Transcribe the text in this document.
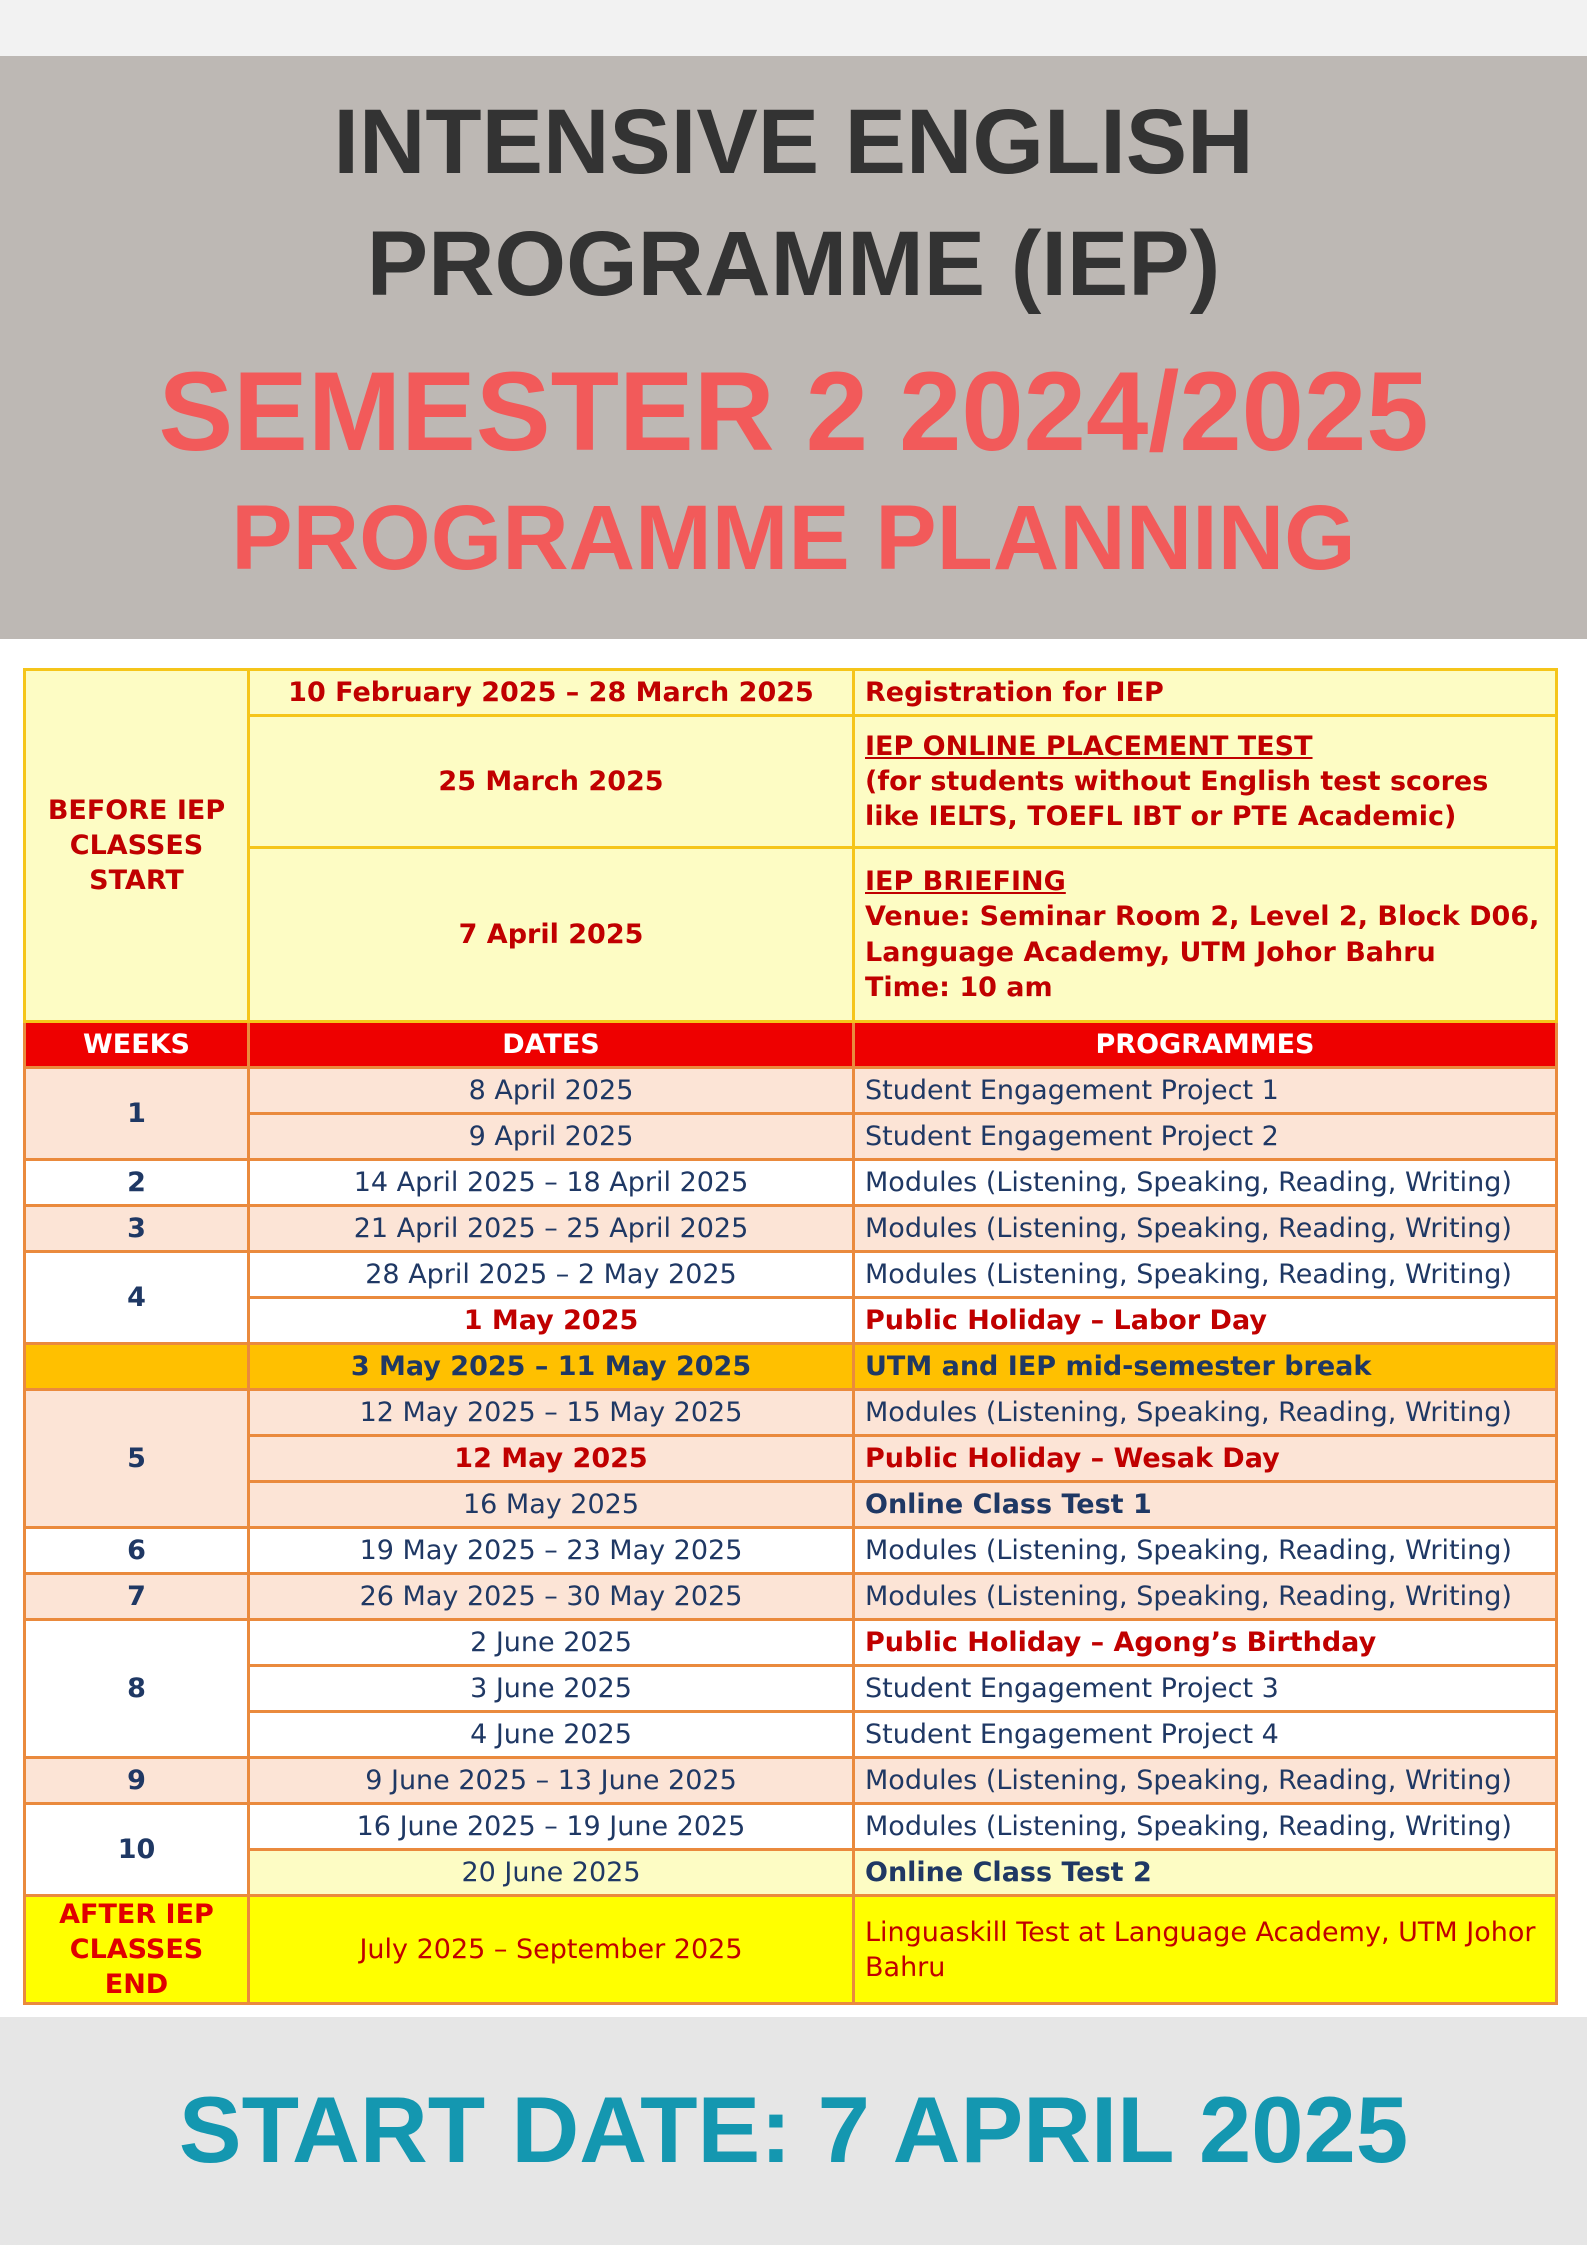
INTENSIVE ENGLISH
PROGRAMME (IEP)
SEMESTER 2 2024/2025
PROGRAMME PLANNING
BEFORE IEP CLASSES START	10 February 2025 – 28 March 2025	Registration for IEP
	25 March 2025	IEP ONLINE PLACEMENT TEST
(for students without English test scores like IELTS, TOEFL IBT or PTE Academic)

	7 April 2025	IEP BRIEFING
Venue: Seminar Room 2, Level 2, Block D06, Language Academy, UTM Johor Bahru
Time: 10 am

WEEKS	DATES	PROGRAMMES
1	8 April 2025	Student Engagement Project 1
	9 April 2025	Student Engagement Project 2
2	14 April 2025 – 18 April 2025	Modules (Listening, Speaking, Reading, Writing)
3	21 April 2025 – 25 April 2025	Modules (Listening, Speaking, Reading, Writing)
4	28 April 2025 – 2 May 2025	Modules (Listening, Speaking, Reading, Writing)
	1 May 2025	Public Holiday – Labor Day
	3 May 2025 – 11 May 2025	UTM and IEP mid-semester break
5	12 May 2025 – 15 May 2025	Modules (Listening, Speaking, Reading, Writing)
	12 May 2025	Public Holiday – Wesak Day
	16 May 2025	Online Class Test 1
6	19 May 2025 – 23 May 2025	Modules (Listening, Speaking, Reading, Writing)
7	26 May 2025 – 30 May 2025	Modules (Listening, Speaking, Reading, Writing)
8	2 June 2025	Public Holiday – Agong’s Birthday
	3 June 2025	Student Engagement Project 3
	4 June 2025	Student Engagement Project 4
9	9 June 2025 – 13 June 2025	Modules (Listening, Speaking, Reading, Writing)
10	16 June 2025 – 19 June 2025	Modules (Listening, Speaking, Reading, Writing)
	20 June 2025	Online Class Test 2
AFTER IEP CLASSES END	July 2025 – September 2025	Linguaskill Test at Language Academy, UTM Johor Bahru
START DATE: 7 APRIL 2025
